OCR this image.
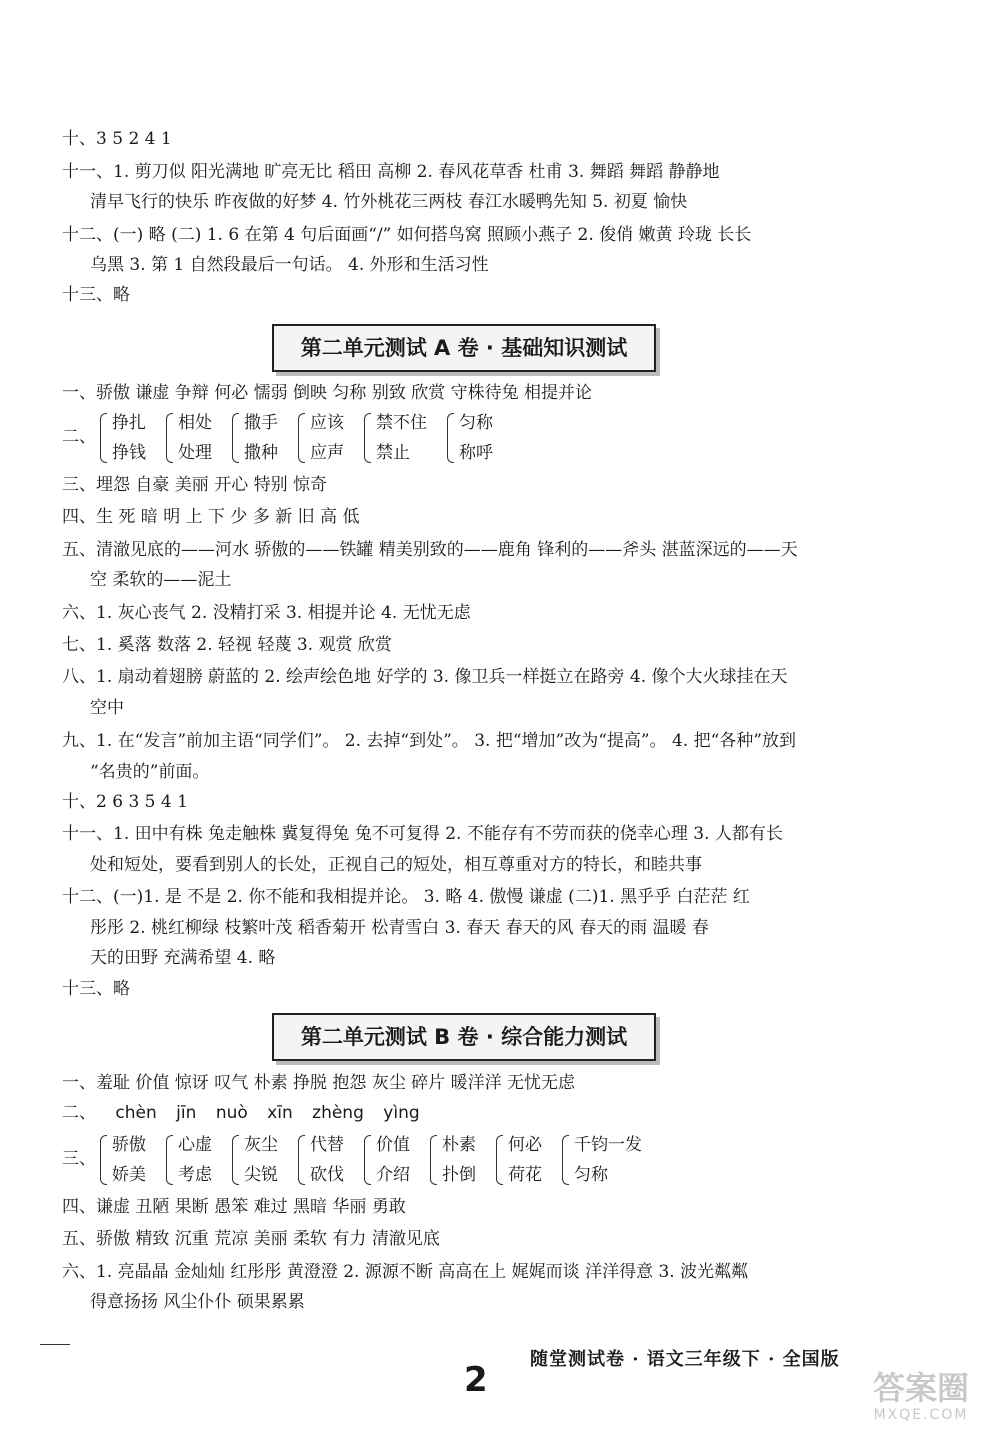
十、3 5 2 4 1
十一、1. 剪刀似 阳光满地 旷亮无比 稻田 高柳 2. 春风花草香 杜甫 3. 舞蹈 舞蹈 静静地
清早飞行的快乐 昨夜做的好梦 4. 竹外桃花三两枝 春江水暖鸭先知 5. 初夏 愉快
十二、(一) 略 (二) 1. 6 在第 4 句后面画“/” 如何搭鸟窝 照顾小燕子 2. 俊俏 嫩黄 玲珑 长长
乌黑 3. 第 1 自然段最后一句话。 4. 外形和生活习性
十三、略
第二单元测试 A 卷 · 基础知识测试
一、骄傲 谦虚 争辩 何必 懦弱 倒映 匀称 别致 欣赏 守株待兔 相提并论
二、
挣扎
挣钱
相处
处理
撒手
撒种
应该
应声
禁不住
禁止
匀称
称呼
三、埋怨 自豪 美丽 开心 特别 惊奇
四、生 死 暗 明 上 下 少 多 新 旧 高 低
五、清澈见底的——河水 骄傲的——铁罐 精美别致的——鹿角 锋利的——斧头 湛蓝深远的——天
空 柔软的——泥土
六、1. 灰心丧气 2. 没精打采 3. 相提并论 4. 无忧无虑
七、1. 奚落 数落 2. 轻视 轻蔑 3. 观赏 欣赏
八、1. 扇动着翅膀 蔚蓝的 2. 绘声绘色地 好学的 3. 像卫兵一样挺立在路旁 4. 像个大火球挂在天
空中
九、1. 在“发言”前加主语“同学们”。 2. 去掉“到处”。 3. 把“增加”改为“提高”。 4. 把“各种”放到
“名贵的”前面。
十、2 6 3 5 4 1
十一、1. 田中有株 兔走触株 冀复得兔 兔不可复得 2. 不能存有不劳而获的侥幸心理 3. 人都有长
处和短处，要看到别人的长处，正视自己的短处，相互尊重对方的特长，和睦共事
十二、(一)1. 是 不是 2. 你不能和我相提并论。 3. 略 4. 傲慢 谦虚 (二)1. 黑乎乎 白茫茫 红
彤彤 2. 桃红柳绿 枝繁叶茂 稻香菊开 松青雪白 3. 春天 春天的风 春天的雨 温暖 春
天的田野 充满希望 4. 略
十三、略
第二单元测试 B 卷 · 综合能力测试
一、羞耻 价值 惊讶 叹气 朴素 挣脱 抱怨 灰尘 碎片 暖洋洋 无忧无虑
二、 chèn jīn nuò xīn zhèng yìng
三、
骄傲
娇美
心虚
考虑
灰尘
尖锐
代替
砍伐
价值
介绍
朴素
扑倒
何必
荷花
千钧一发
匀称
四、谦虚 丑陋 果断 愚笨 难过 黑暗 华丽 勇敢
五、骄傲 精致 沉重 荒凉 美丽 柔软 有力 清澈见底
六、1. 亮晶晶 金灿灿 红彤彤 黄澄澄 2. 源源不断 高高在上 娓娓而谈 洋洋得意 3. 波光粼粼
得意扬扬 风尘仆仆 硕果累累
随堂测试卷 · 语文三年级下 · 全国版
2	答案圈
MXQE.COM
